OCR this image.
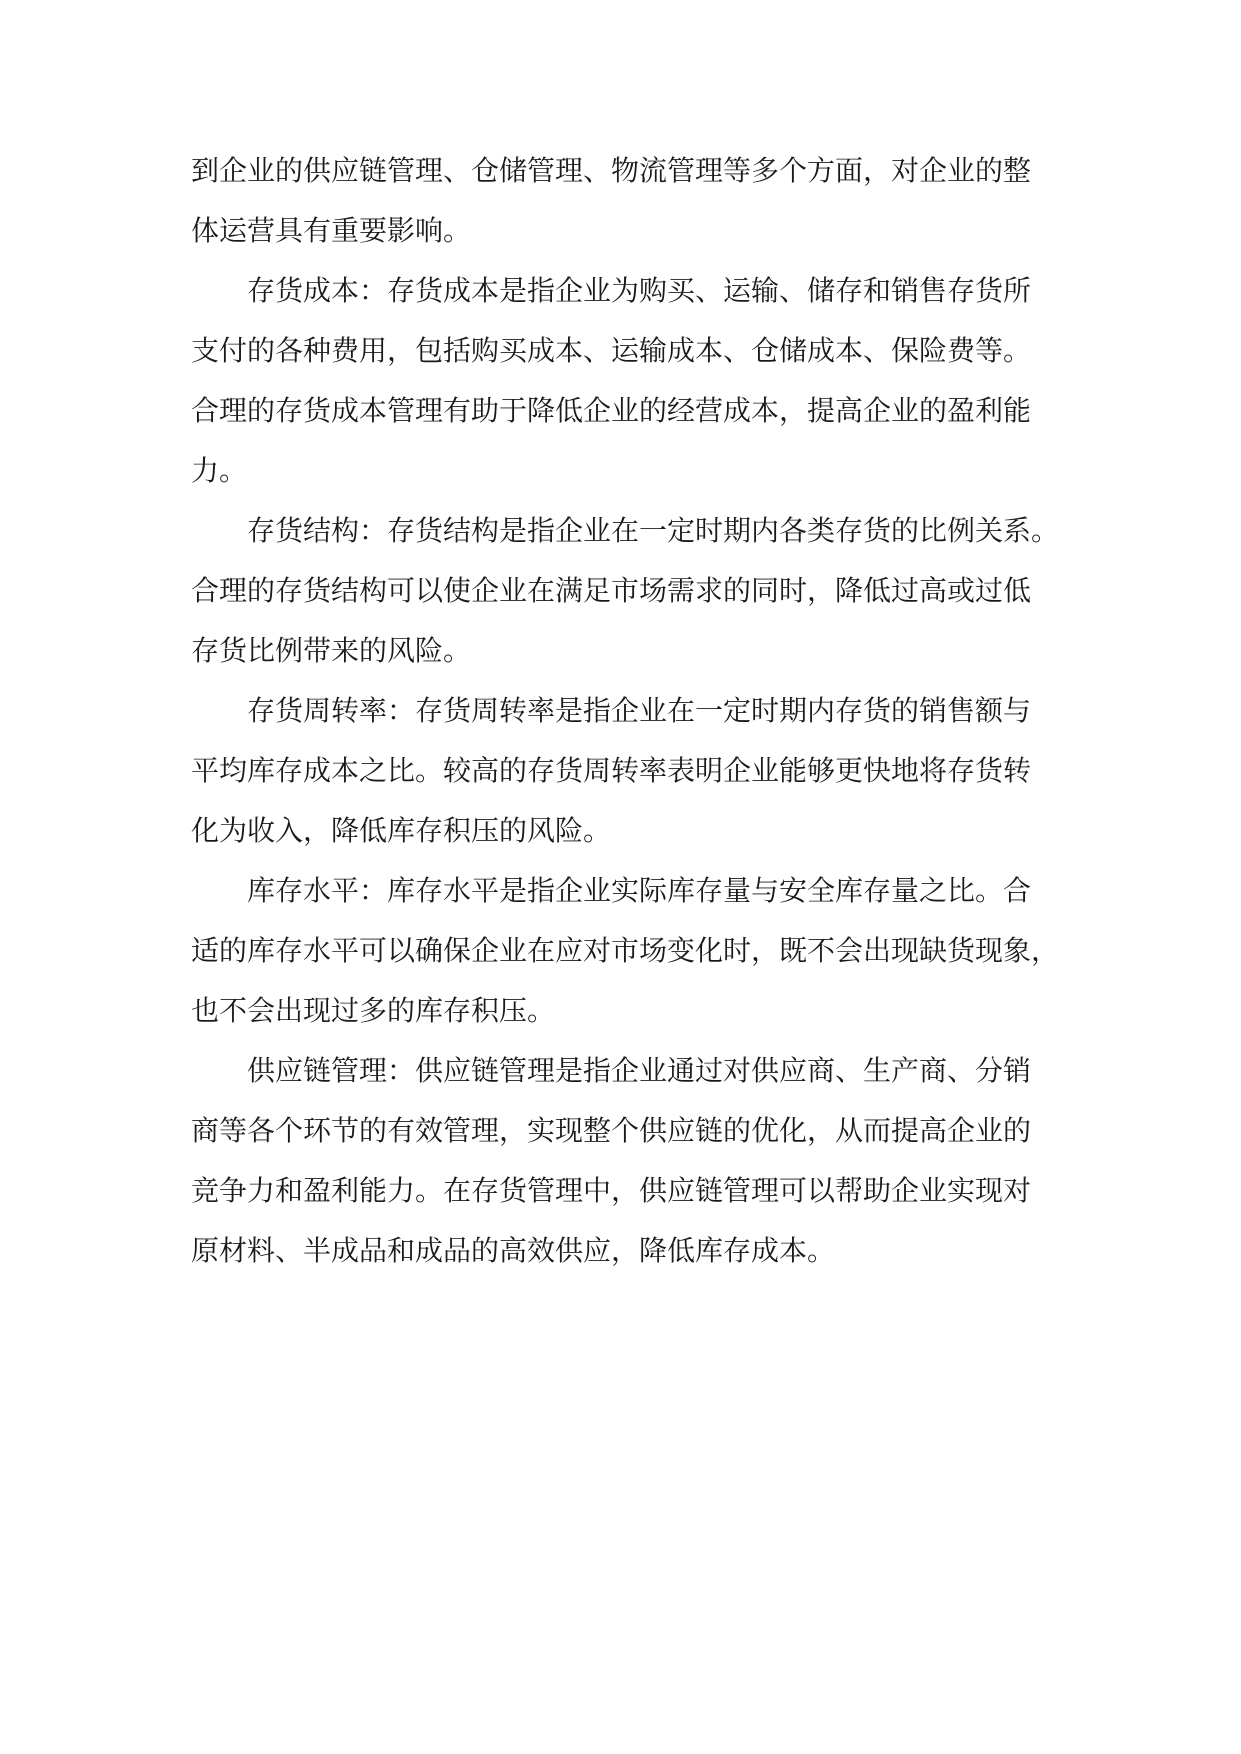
到企业的供应链管理、仓储管理、物流管理等多个方面，对企业的整
体运营具有重要影响。
存货成本：存货成本是指企业为购买、运输、储存和销售存货所
支付的各种费用，包括购买成本、运输成本、仓储成本、保险费等。
合理的存货成本管理有助于降低企业的经营成本，提高企业的盈利能
力。
存货结构：存货结构是指企业在一定时期内各类存货的比例关系。
合理的存货结构可以使企业在满足市场需求的同时，降低过高或过低
存货比例带来的风险。
存货周转率：存货周转率是指企业在一定时期内存货的销售额与
平均库存成本之比。较高的存货周转率表明企业能够更快地将存货转
化为收入，降低库存积压的风险。
库存水平：库存水平是指企业实际库存量与安全库存量之比。合
适的库存水平可以确保企业在应对市场变化时，既不会出现缺货现象，
也不会出现过多的库存积压。
供应链管理：供应链管理是指企业通过对供应商、生产商、分销
商等各个环节的有效管理，实现整个供应链的优化，从而提高企业的
竞争力和盈利能力。在存货管理中，供应链管理可以帮助企业实现对
原材料、半成品和成品的高效供应，降低库存成本。
